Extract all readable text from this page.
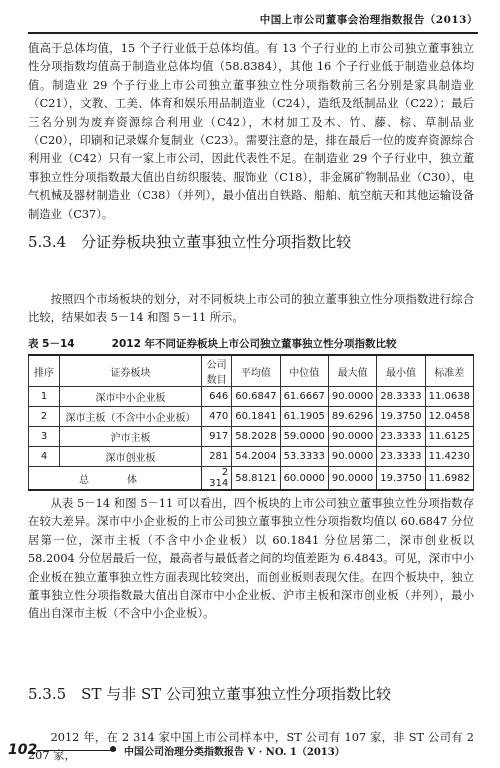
中国上市公司董事会治理指数报告（2013）

值高于总体均值，15 个子行业低于总体均值。有 13 个子行业的上市公司独立董事独立性分项指数均值高于制造业总体均值（58.8384），其他 16 个子行业低于制造业总体均值。制造业 29 个子行业上市公司独立董事独立性分项指数前三名分别是家具制造业（C21），文教、工美、体育和娱乐用品制造业（C24），造纸及纸制品业（C22）；最后三名分别为废弃资源综合利用业（C42），木材加工及木、竹、藤、棕、草制品业（C20），印刷和记录媒介复制业（C23）。需要注意的是，排在最后一位的废弃资源综合利用业（C42）只有一家上市公司，因此代表性不足。在制造业 29 个子行业中，独立董事独立性分项指数最大值出自纺织服装、服饰业（C18），非金属矿物制品业（C30），电气机械及器材制造业（C38）（并列），最小值出自铁路、船舶、航空航天和其他运输设备制造业（C37）。

5.3.4　分证券板块独立董事独立性分项指数比较

按照四个市场板块的划分，对不同板块上市公司的独立董事独立性分项指数进行综合比较，结果如表 5－14 和图 5－11 所示。

表 5－14	2012 年不同证券板块上市公司独立董事独立性分项指数比较
排序	证券板块	公司数目	平均值	中位值	最大值	最小值	标准差
1	深市中小企业板	646	60.6847	61.6667	90.0000	28.3333	11.0638
2	深市主板（不含中小企业板）	470	60.1841	61.1905	89.6296	19.3750	12.0458
3	沪市主板	917	58.2028	59.0000	90.0000	23.3333	11.6125
4	深市创业板	281	54.2004	53.3333	90.0000	23.3333	11.4230
总　体		2 314	58.8121	60.0000	90.0000	19.3750	11.6982

从表 5－14 和图 5－11 可以看出，四个板块的上市公司独立董事独立性分项指数存在较大差异。深市中小企业板的上市公司独立董事独立性分项指数均值以 60.6847 分位居第一位，深市主板（不含中小企业板）以 60.1841 分位居第二，深市创业板以 58.2004 分位居最后一位，最高者与最低者之间的均值差距为 6.4843。可见，深市中小企业板在独立董事独立性方面表现比较突出，而创业板则表现欠佳。在四个板块中，独立董事独立性分项指数最大值出自深市中小企业板、沪市主板和深市创业板（并列），最小值出自深市主板（不含中小企业板）。

5.3.5　ST 与非 ST 公司独立董事独立性分项指数比较

2012 年，在 2 314 家中国上市公司样本中，ST 公司有 107 家，非 ST 公司有 2 207 家，

102	中国公司治理分类指数报告 V · NO. 1（2013）
